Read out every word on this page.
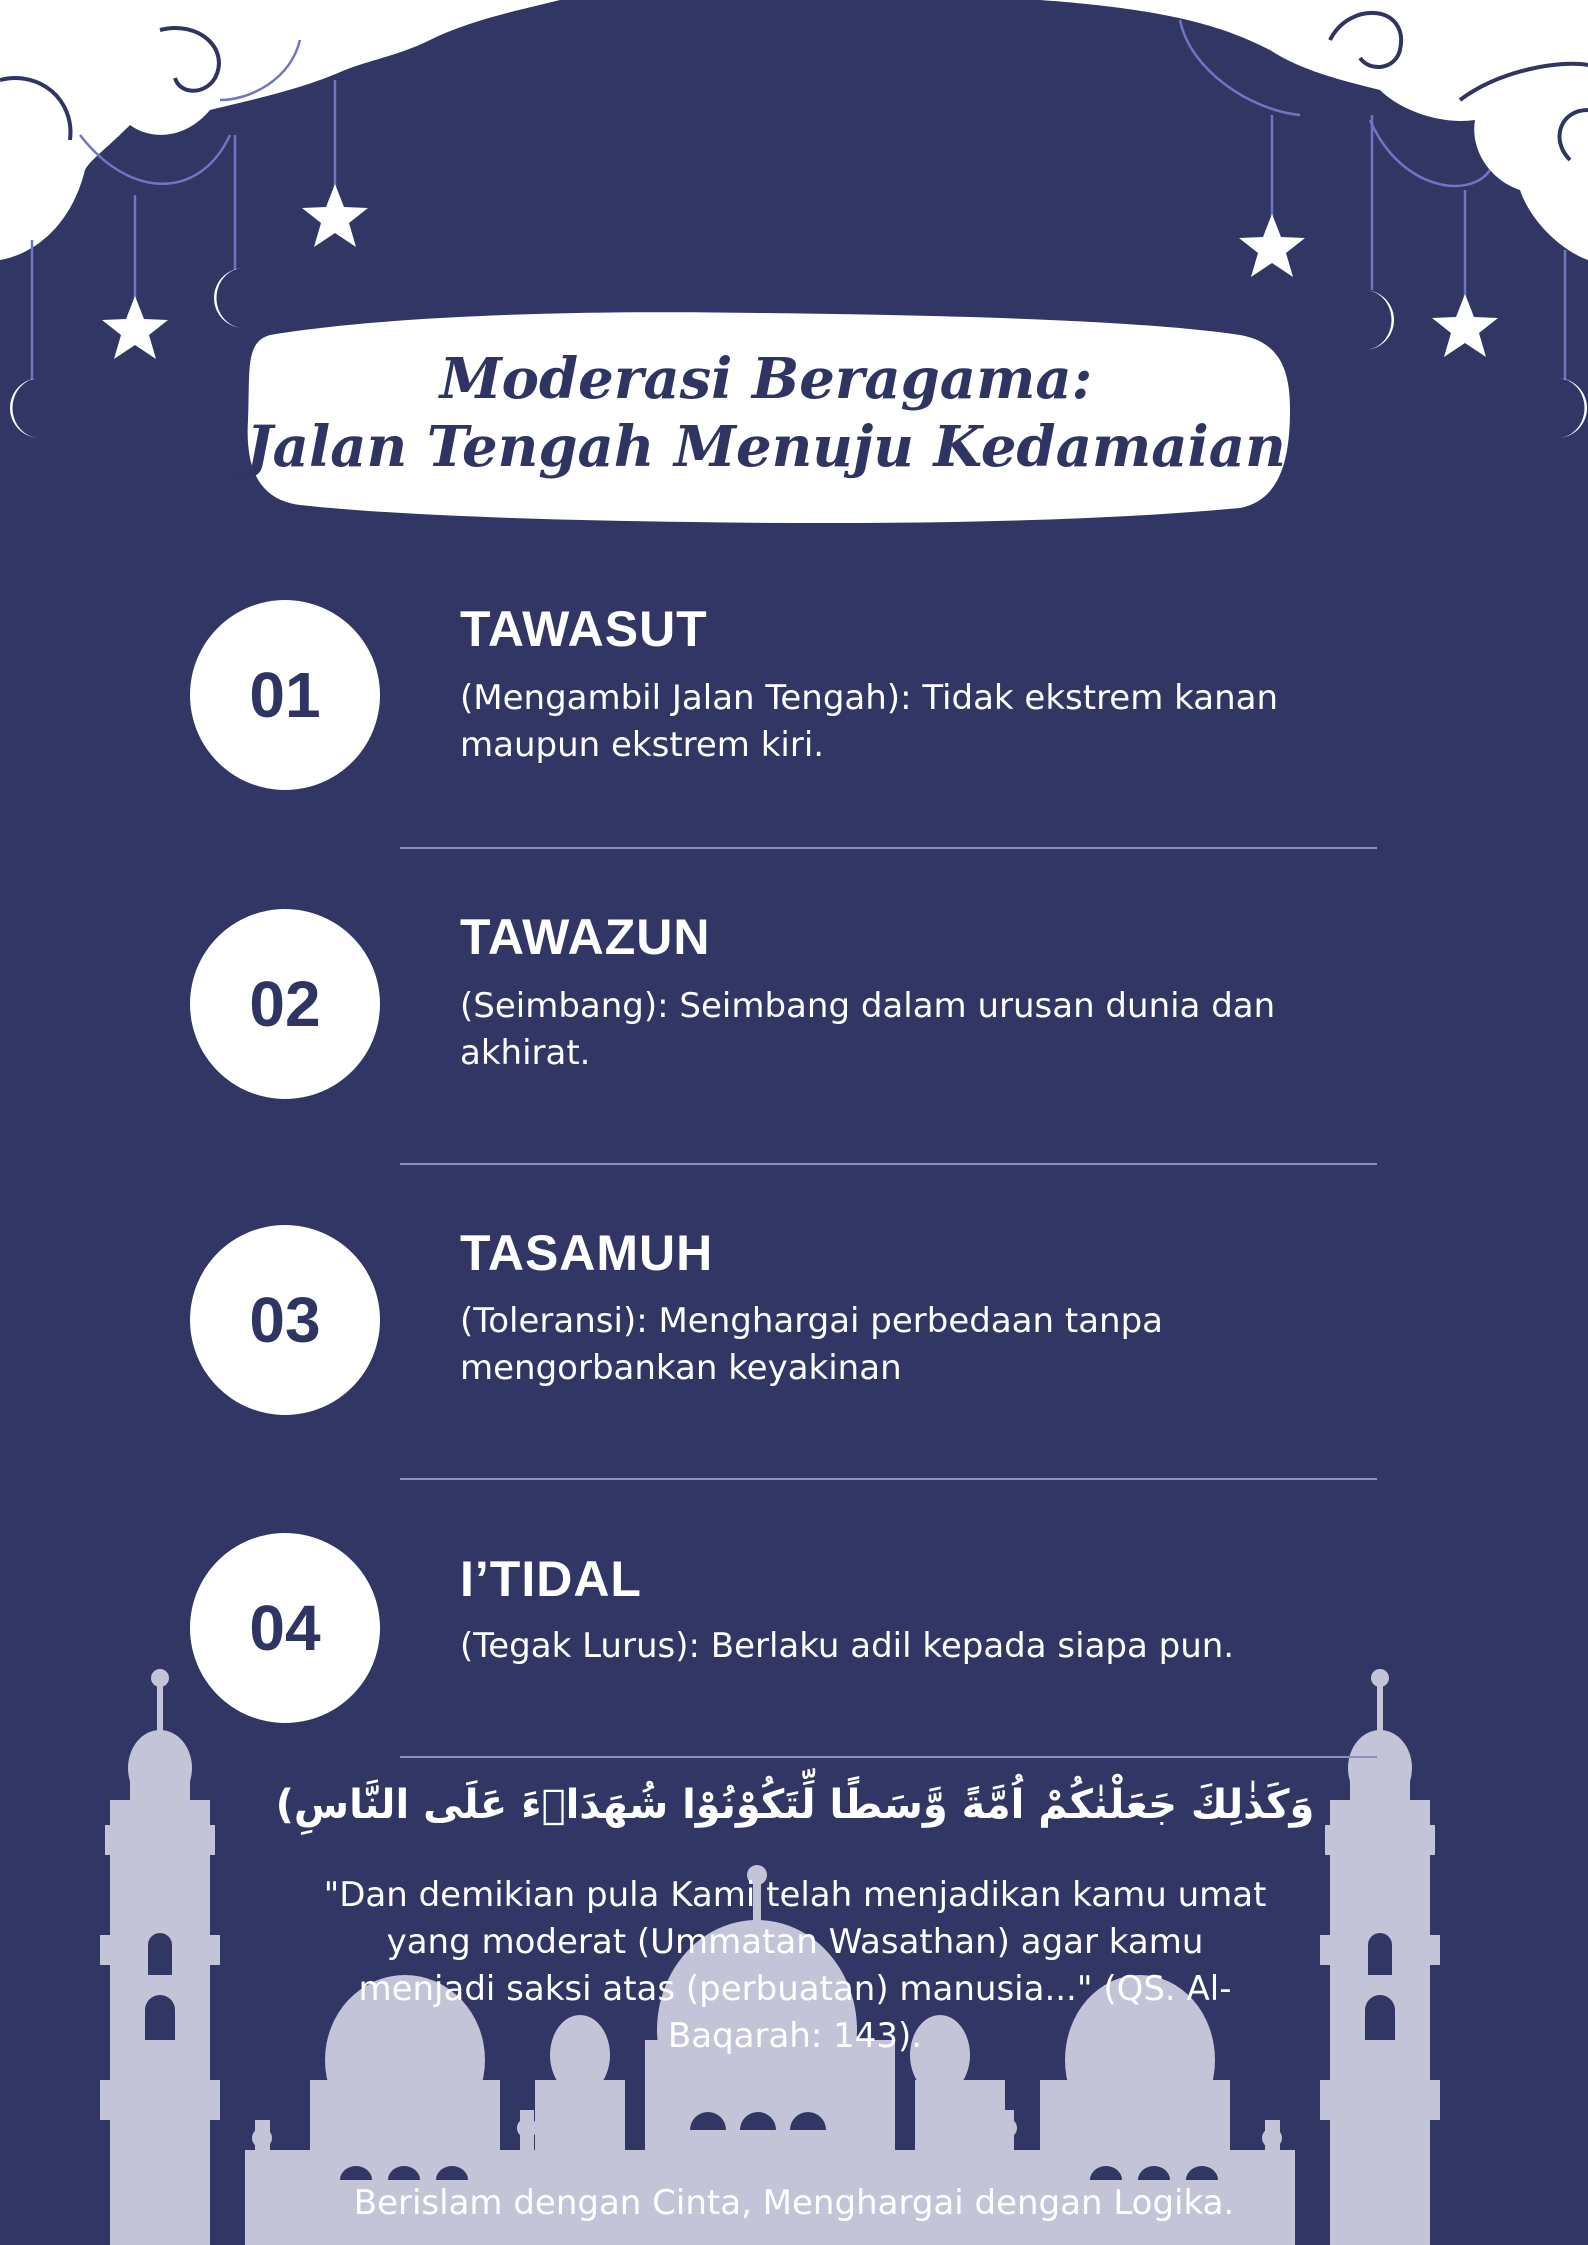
Moderasi Beragama:
Jalan Tengah Menuju Kedamaian
01
TAWASUT
(Mengambil Jalan Tengah): Tidak ekstrem kanan maupun ekstrem kiri.
02
TAWAZUN
(Seimbang): Seimbang dalam urusan dunia dan akhirat.
03
TASAMUH
(Toleransi): Menghargai perbedaan tanpa mengorbankan keyakinan
04
I’TIDAL
(Tegak Lurus): Berlaku adil kepada siapa pun.
وَكَذٰلِكَ جَعَلْنٰكُمْ اُمَّةً وَّسَطًا لِّتَكُوْنُوْا شُهَدَاۤءَ عَلَى النَّاسِ)
"Dan demikian pula Kami telah menjadikan kamu umat yang moderat (Ummatan Wasathan) agar kamu menjadi saksi atas (perbuatan) manusia..." (QS. Al-Baqarah: 143).
Berislam dengan Cinta, Menghargai dengan Logika.
